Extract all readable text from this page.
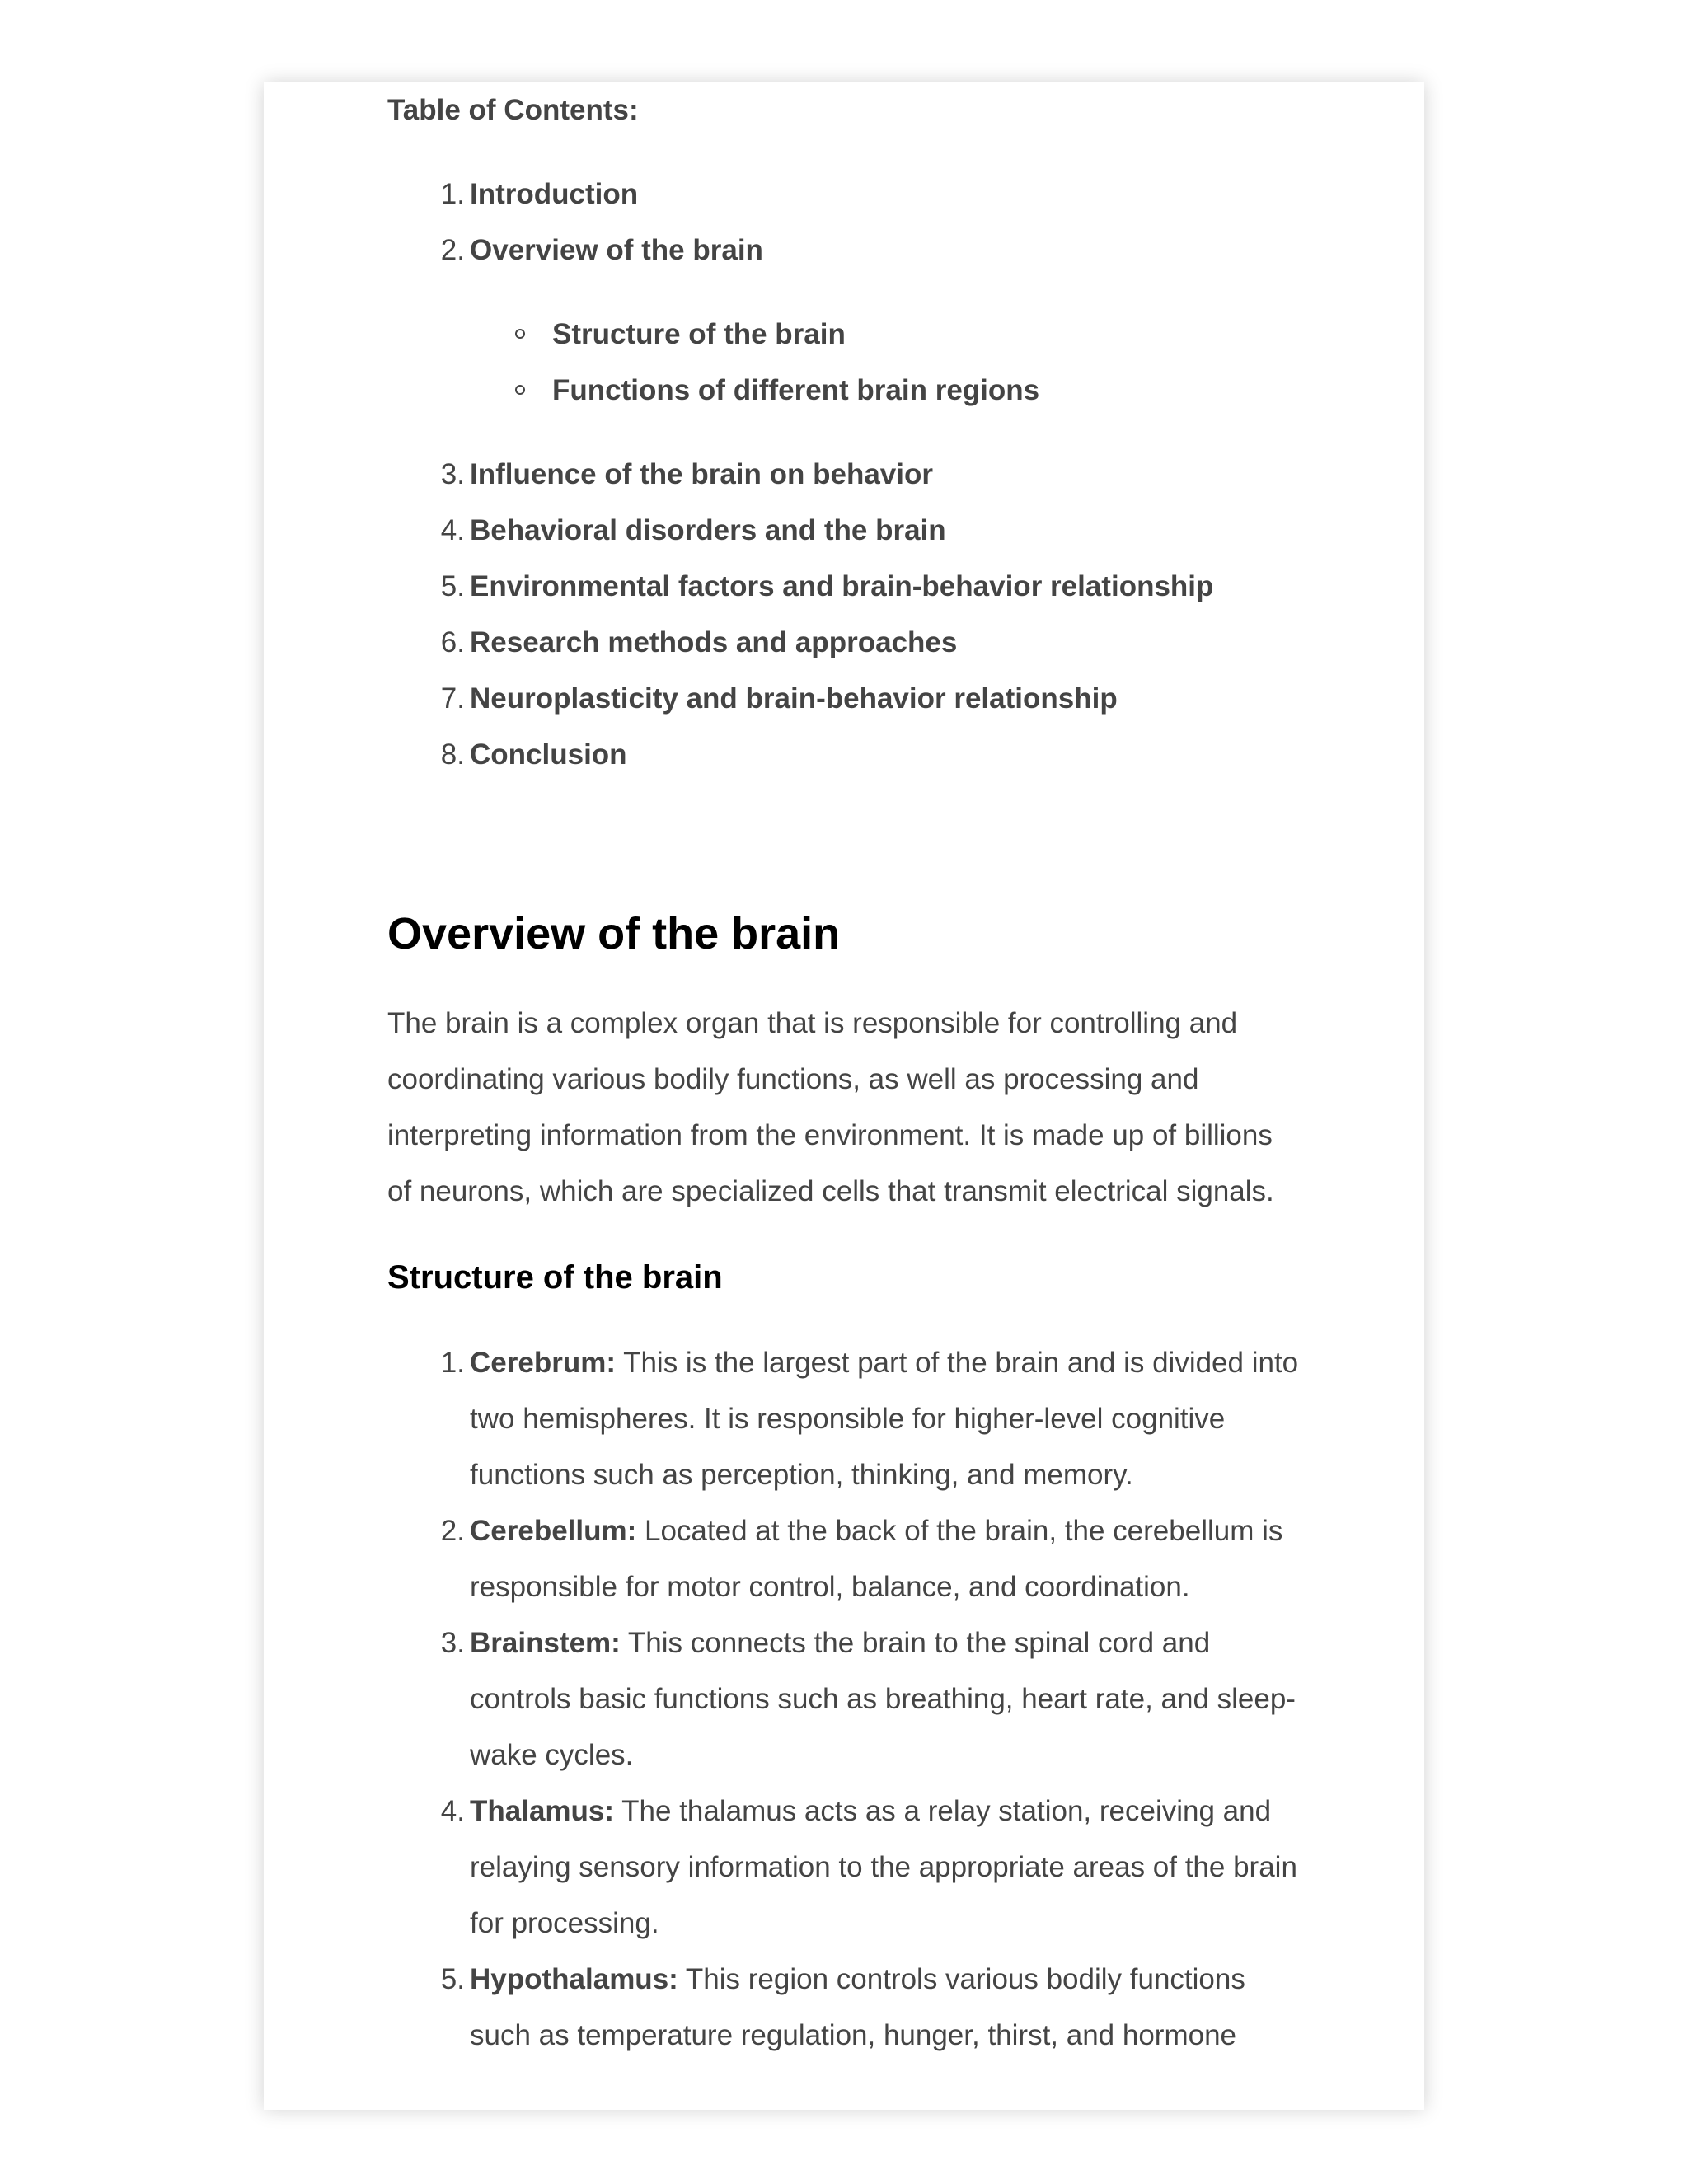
Table of Contents:

1. Introduction
2. Overview of the brain
Structure of the brain
Functions of different brain regions
3. Influence of the brain on behavior
4. Behavioral disorders and the brain
5. Environmental factors and brain-behavior relationship
6. Research methods and approaches
7. Neuroplasticity and brain-behavior relationship
8. Conclusion
Overview of the brain

The brain is a complex organ that is responsible for controlling and coordinating various bodily functions, as well as processing and interpreting information from the environment. It is made up of billions of neurons, which are specialized cells that transmit electrical signals.

Structure of the brain
1. Cerebrum: This is the largest part of the brain and is divided into two hemispheres. It is responsible for higher-level cognitive functions such as perception, thinking, and memory.
2. Cerebellum: Located at the back of the brain, the cerebellum is responsible for motor control, balance, and coordination.
3. Brainstem: This connects the brain to the spinal cord and controls basic functions such as breathing, heart rate, and sleep-wake cycles.
4. Thalamus: The thalamus acts as a relay station, receiving and relaying sensory information to the appropriate areas of the brain for processing.
5. Hypothalamus: This region controls various bodily functions such as temperature regulation, hunger, thirst, and hormone
